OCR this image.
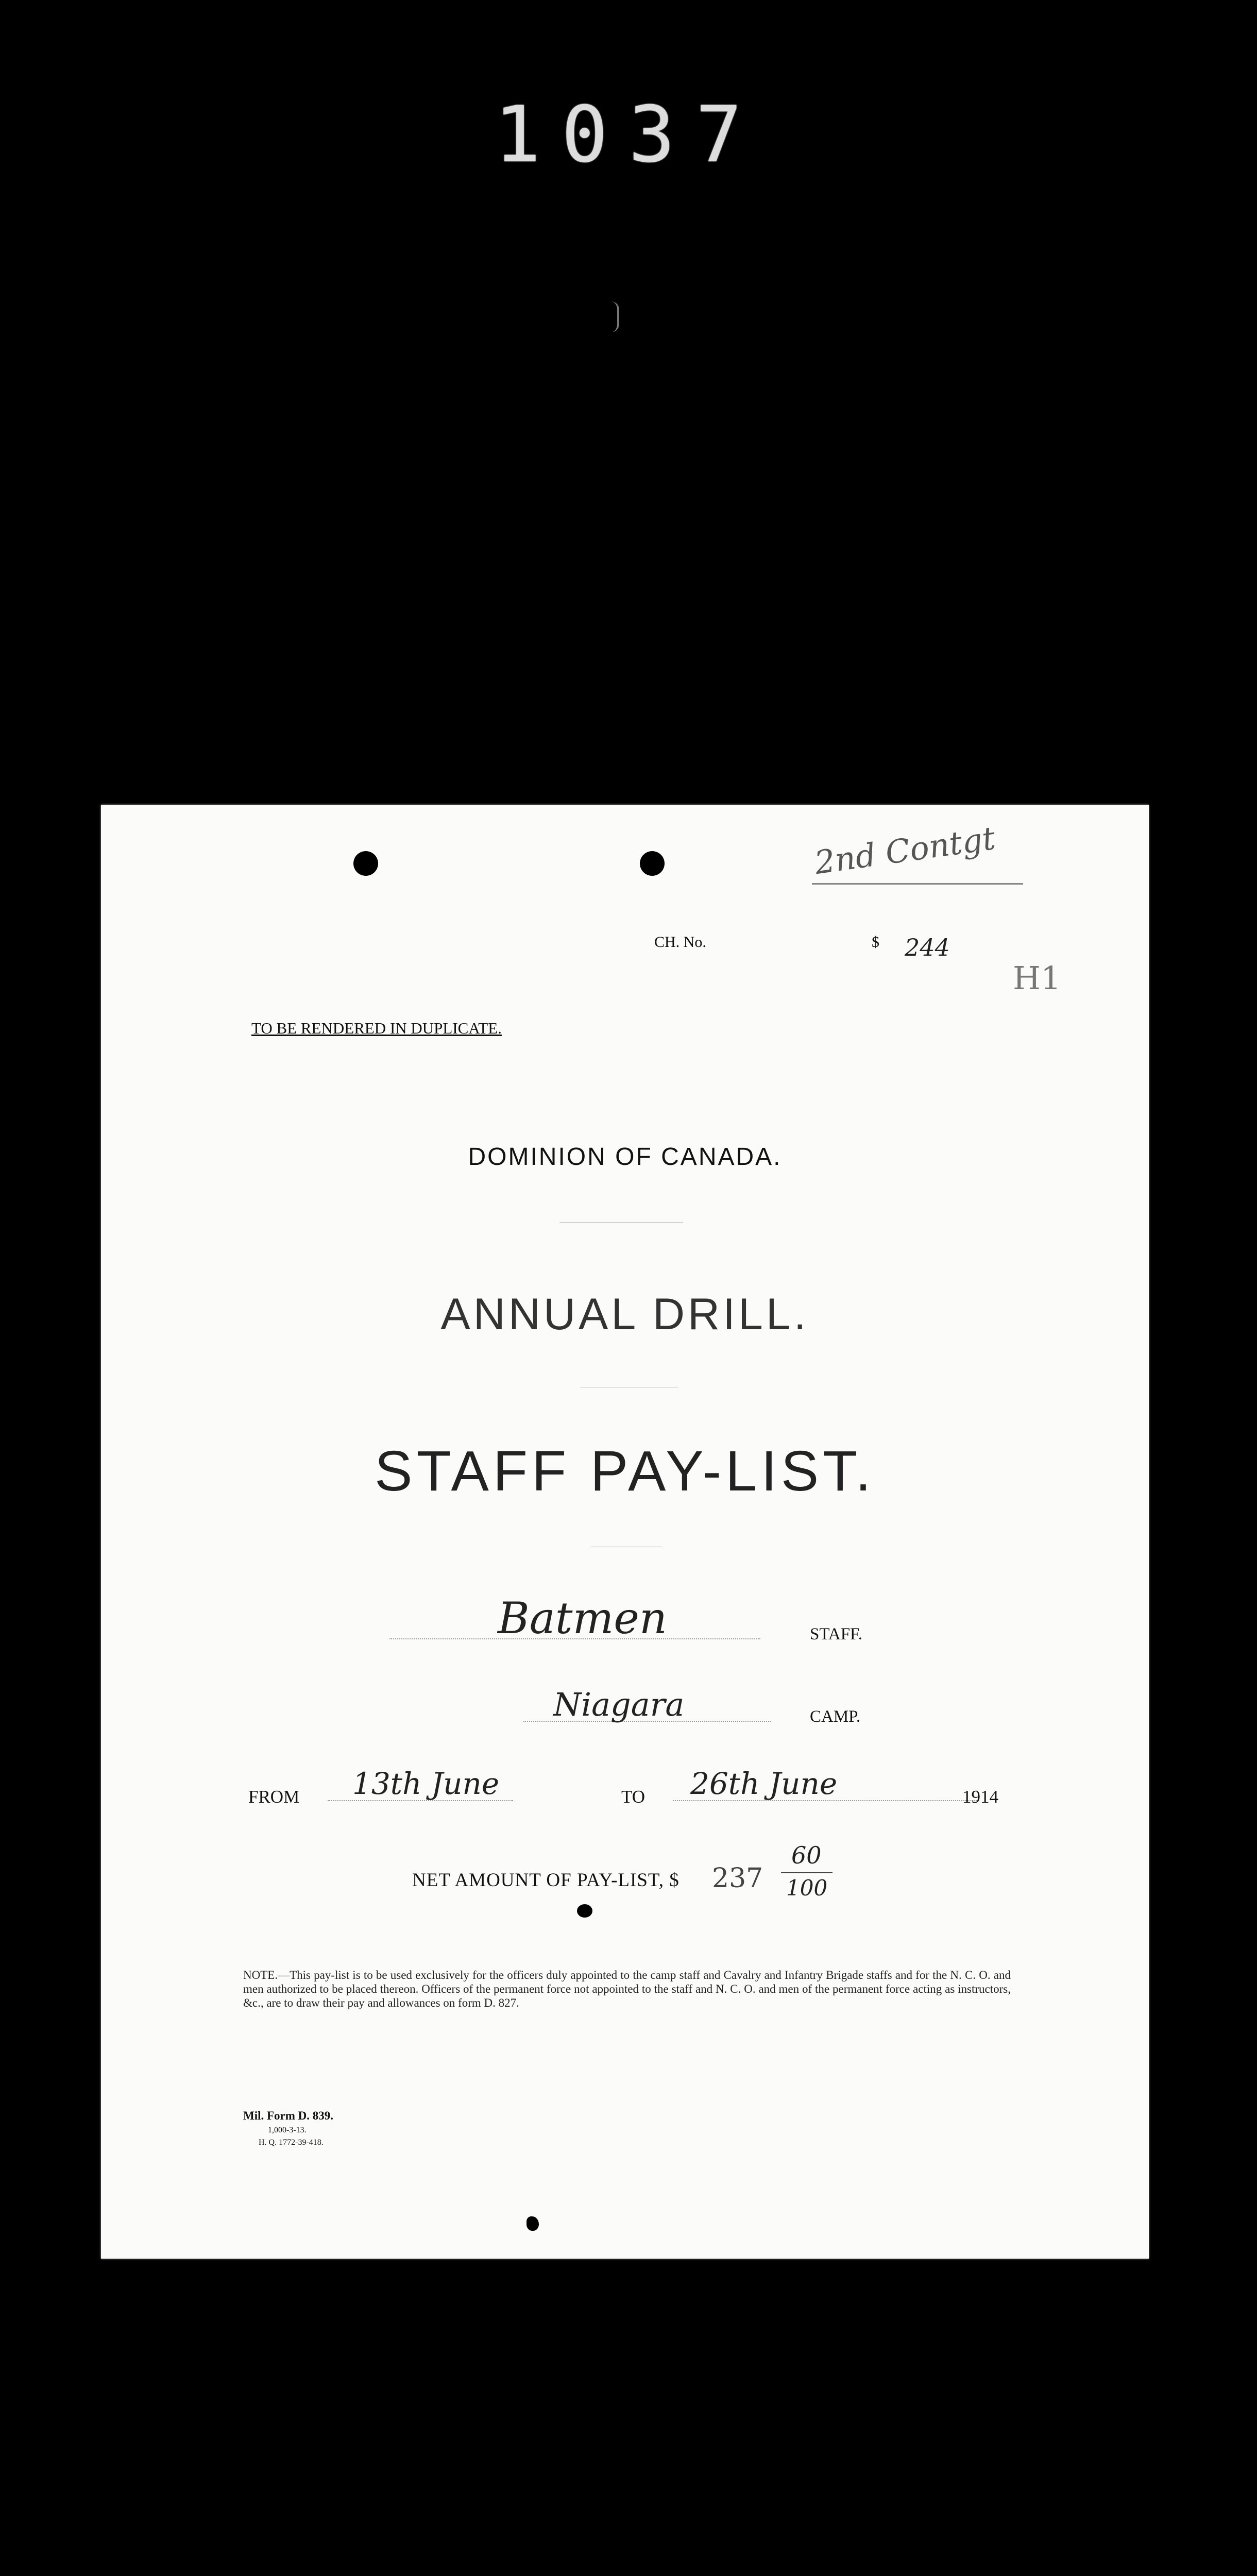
1037
2nd Contgt
CH. No.	$ 244
H1
TO BE RENDERED IN DUPLICATE.
DOMINION OF CANADA.
ANNUAL DRILL.
STAFF PAY-LIST.
Batmen	STAFF.
Niagara	CAMP.
FROM 13th June	TO 26th June	1914
NET AMOUNT OF PAY-LIST, $ 237
60
100
NOTE.—This pay-list is to be used exclusively for the officers duly appointed to the camp staff and Cavalry and Infantry Brigade staffs and for the N. C. O. and men authorized to be placed thereon. Officers of the permanent force not appointed to the staff and N. C. O. and men of the permanent force acting as instructors, &c., are to draw their pay and allowances on form D. 827.
Mil. Form D. 839.
1,000-3-13.
H. Q. 1772-39-418.
